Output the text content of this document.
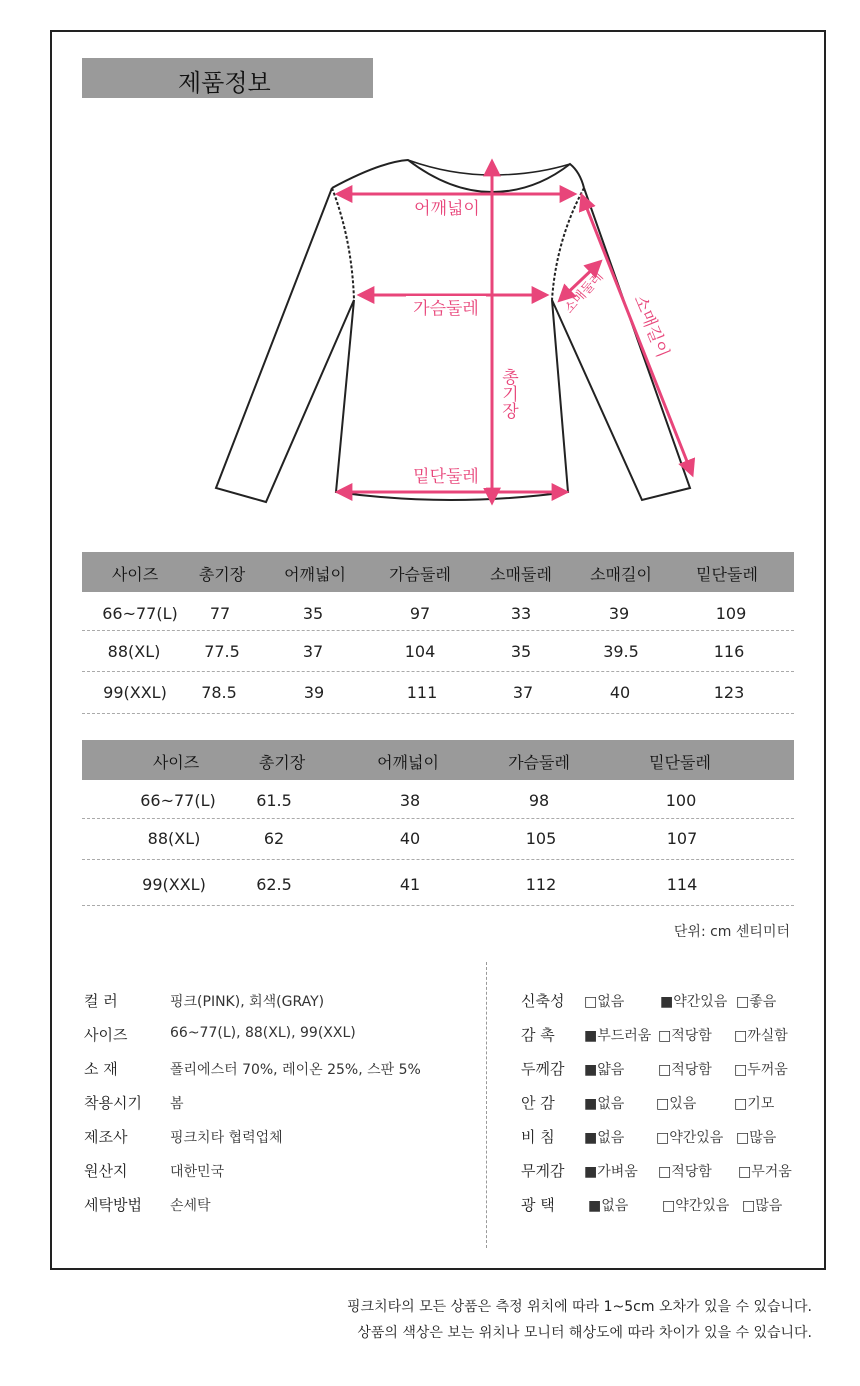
제품정보
어깨넓이
가슴둘레
밑단둘레
총기장
소매둘레 소매길이
사이즈	총기장 어깨넓이	가슴둘레 소매둘레 소매길이	밑단둘레
66~77(L) 77	35	97	33	39	109
88(XL)	77.5	37	104	35	39.5	116
99(XXL) 78.5	39	111	37	40	123
사이즈	총기장	어깨넓이	가슴둘레	밑단둘레
66~77(L)	61.5	38	98	100
88(XL)	62	40	105	107
99(XXL)	62.5	41	112	114
단위: cm 센티미터
컬 러	핑크(PINK), 회색(GRAY)
사이즈	66~77(L), 88(XL), 99(XXL)
소 재	폴리에스터 70%, 레이온 25%, 스판 5%
착용시기 봄
제조사	핑크치타 협력업체
원산지	대한민국
세탁방법 손세탁
신축성 □없음	■약간있음 □좋음
감 촉 ■부드러움 □적당함 □까실함
두께감 ■얇음 □적당함 □두꺼움
안 감 ■없음 □있음	□기모
비 침 ■없음 □약간있음 □많음
무게감 ■가벼움 □적당함 □무거움
광 택 ■없음 □약간있음 □많음
핑크치타의 모든 상품은 측정 위치에 따라 1~5cm 오차가 있을 수 있습니다.
상품의 색상은 보는 위치나 모니터 해상도에 따라 차이가 있을 수 있습니다.
